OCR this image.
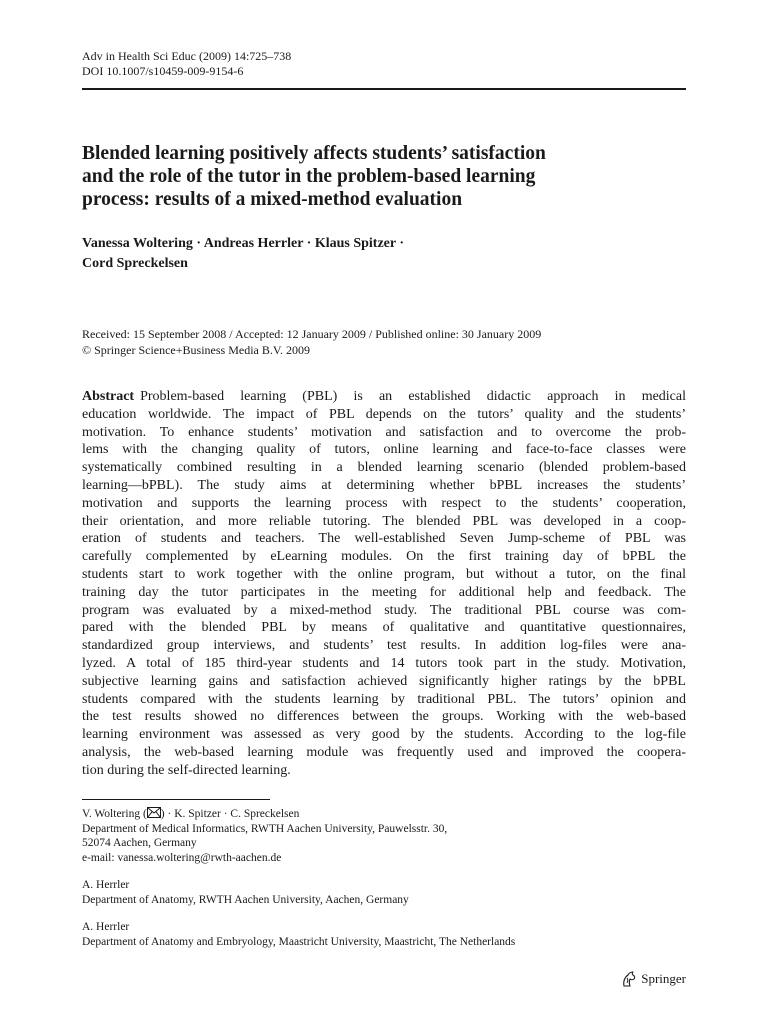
Adv in Health Sci Educ (2009) 14:725–738
DOI 10.1007/s10459-009-9154-6
Blended learning positively affects students’ satisfaction
and the role of the tutor in the problem-based learning
process: results of a mixed-method evaluation
Vanessa Woltering · Andreas Herrler · Klaus Spitzer ·
Cord Spreckelsen
Received: 15 September 2008 / Accepted: 12 January 2009 / Published online: 30 January 2009
© Springer Science+Business Media B.V. 2009
Abstract Problem-based learning (PBL) is an established didactic approach in medical
education worldwide. The impact of PBL depends on the tutors’ quality and the students’
motivation. To enhance students’ motivation and satisfaction and to overcome the prob-
lems with the changing quality of tutors, online learning and face-to-face classes were
systematically combined resulting in a blended learning scenario (blended problem-based
learning—bPBL). The study aims at determining whether bPBL increases the students’
motivation and supports the learning process with respect to the students’ cooperation,
their orientation, and more reliable tutoring. The blended PBL was developed in a coop-
eration of students and teachers. The well-established Seven Jump-scheme of PBL was
carefully complemented by eLearning modules. On the first training day of bPBL the
students start to work together with the online program, but without a tutor, on the final
training day the tutor participates in the meeting for additional help and feedback. The
program was evaluated by a mixed-method study. The traditional PBL course was com-
pared with the blended PBL by means of qualitative and quantitative questionnaires,
standardized group interviews, and students’ test results. In addition log-files were ana-
lyzed. A total of 185 third-year students and 14 tutors took part in the study. Motivation,
subjective learning gains and satisfaction achieved significantly higher ratings by the bPBL
students compared with the students learning by traditional PBL. The tutors’ opinion and
the test results showed no differences between the groups. Working with the web-based
learning environment was assessed as very good by the students. According to the log-file
analysis, the web-based learning module was frequently used and improved the coopera-
tion during the self-directed learning.
V. Woltering ( ) · K. Spitzer · C. Spreckelsen
Department of Medical Informatics, RWTH Aachen University, Pauwelsstr. 30,
52074 Aachen, Germany
e-mail: vanessa.woltering@rwth-aachen.de
A. Herrler
Department of Anatomy, RWTH Aachen University, Aachen, Germany
A. Herrler
Department of Anatomy and Embryology, Maastricht University, Maastricht, The Netherlands
Springer
